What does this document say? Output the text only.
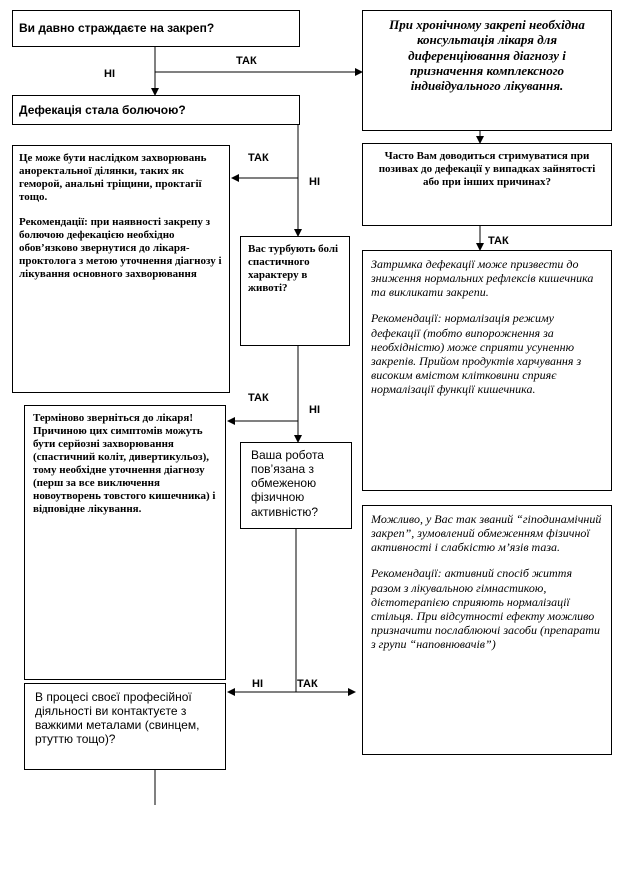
Ви давно страждаєте на закреп?
Дефекація стала болючою?
Це може бути наслідком захворювань аноректальної ділянки, таких як геморой, анальні тріщини, проктагії тощо.
Рекомендації: при наявності закрепу з болючою дефекацією необхідно обов’язково звернутися до лікаря-проктолога з метою уточнення діагнозу і лікування основного захворювання
Вас турбують болі спастичного характеру в животі?
Терміново зверніться до лікаря! Причиною цих симптомів можуть бути серйозні захворювання (спастичний коліт, дивертикульоз), тому необхідне уточнення діагнозу (перш за все виключення новоутворень товстого кишечника) і відповідне лікування.
Ваша робота пов’язана з обмеженою фізичною активністю?
В процесі своєї професійної діяльності ви контактуєте з важкими металами (свинцем, ртуттю тощо)?
При хронічному закрепі необхідна консультація лікаря для диференціювання діагнозу і призначення комплексного індивідуального лікування.
Часто Вам доводиться стримуватися при позивах до дефекації у випадках зайнятості або при інших причинах?
Затримка дефекації може призвести до зниження нормальних рефлексів кишечника та викликати закрепи.
Рекомендації: нормалізація режиму дефекації (тобто випорожнення за необхідністю) може сприяти усуненню закрепів. Прийом продуктів харчування з високим вмістом клітковини сприяє нормалізації функції кишечника.
Можливо, у Вас так званий “гіподинамічний закреп”, зумовлений обмеженням фізичної активності і слабкістю м’язів таза.
Рекомендації: активний спосіб життя разом з лікувальною гімнастикою, дієтотерапією сприяють нормалізації стільця. При відсутності ефекту можливо призначити послаблюючі засоби (препарати з групи “наповнювачів”)
ТАК
НІ
ТАК
НІ
ТАК
ТАК
НІ
НІ	ТАК
